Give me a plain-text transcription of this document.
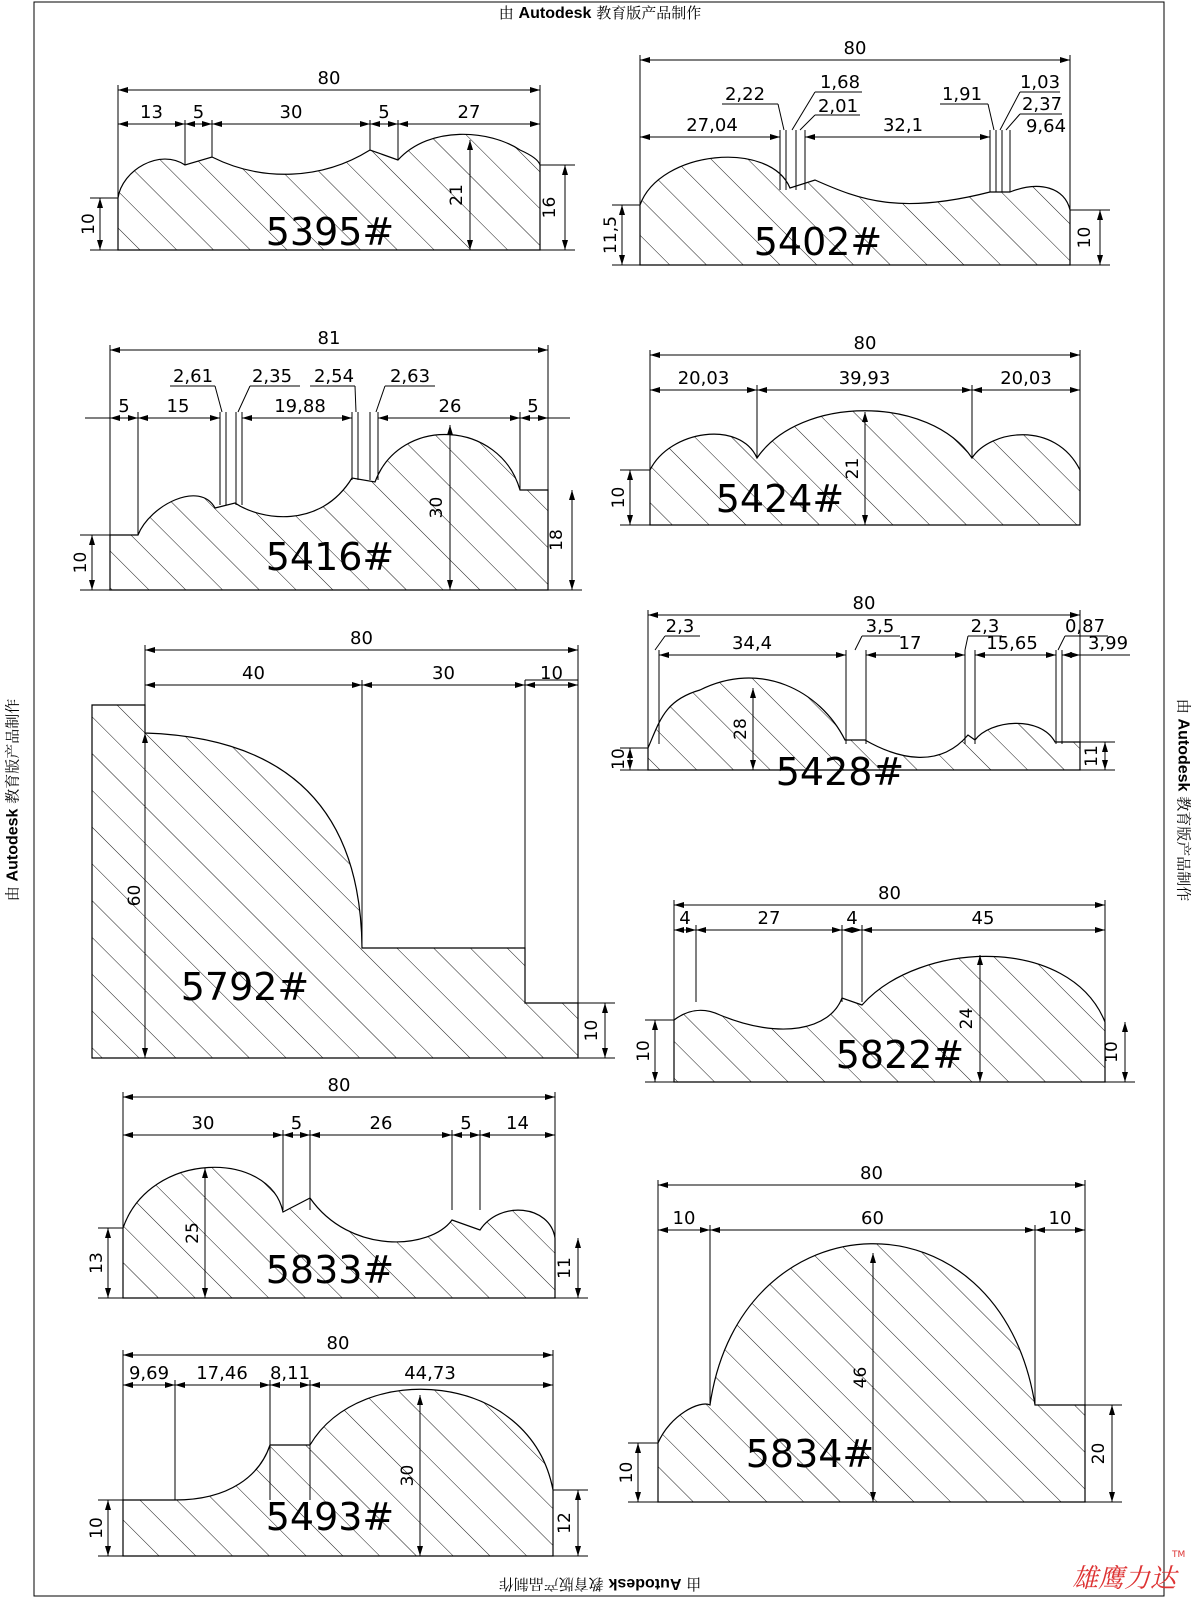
80
13 5	30	5	27
10
16
21
5395#
80
27,04	32,1
2,22
1,68
2,01
1,91
1,03
2,37
9,64
11,5	10
5402#
81
5 15	19,88	26	5
2,61 2,35 2,54 2,63
10
18
30
5416#
80
20,03	39,93	20,03
10
21
5424#
80
40	30	10
60
10
5792#
80
34,4	17	15,65	3,99
2,3	3,5	2,3	0,87
10	11
28
5428#
80
4	27	4	45
10	10
24
5822#
80
30	5	26	5 14
13	11
25
5833#
80
10	60	10
10
20
46
5834#
80
9,69 17,46 8,11	44,73
10	12
30
5493#
由 Autodesk 教育版产品制作
由 Autodesk 教育版产品制作
由 Autodesk 教育版产品制作	由 Autodesk 教育版产品制作
雄鹰力达
TM
